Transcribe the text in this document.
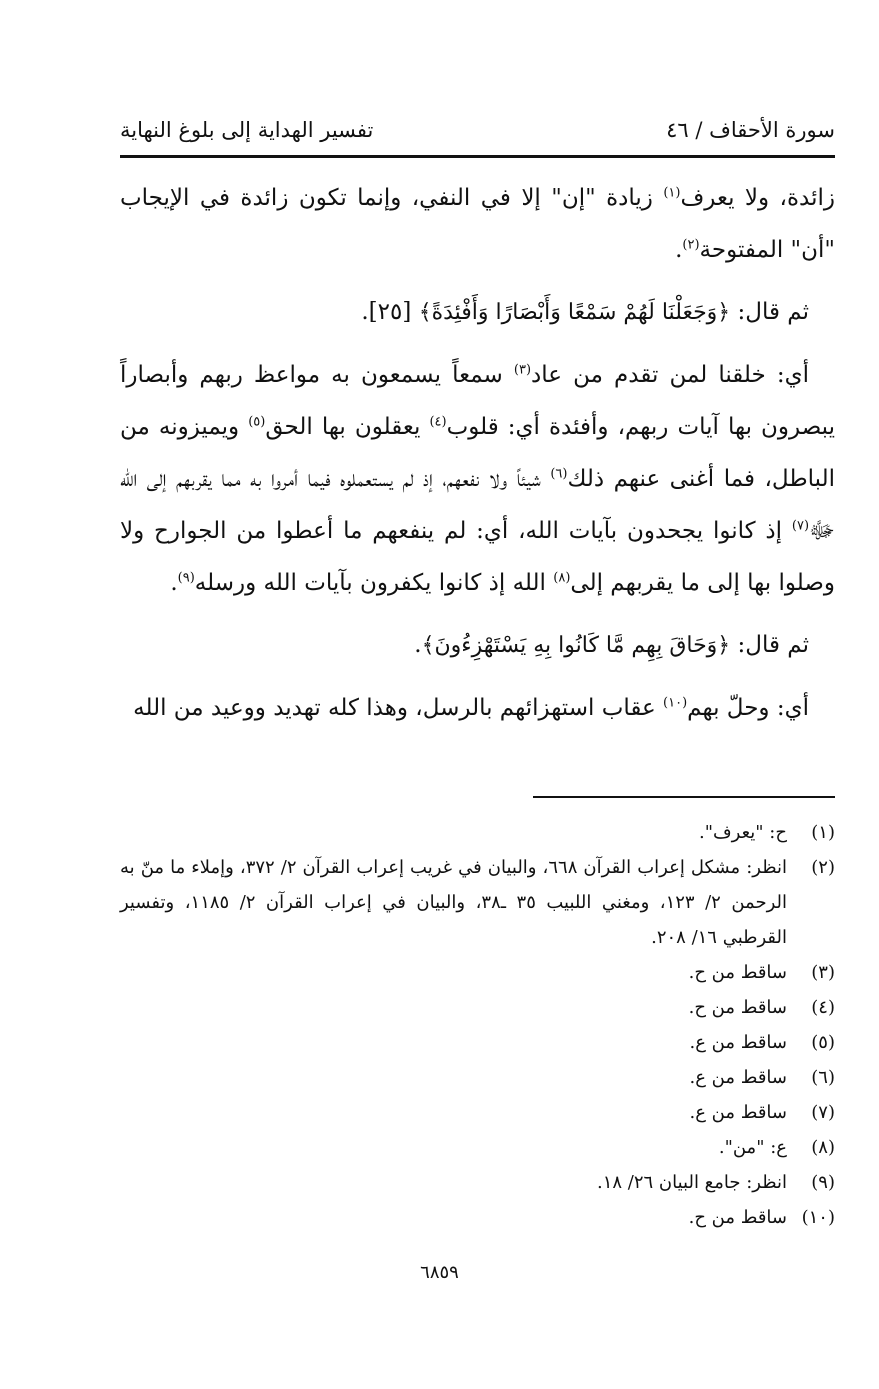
تفسير الهداية إلى بلوغ النهاية	سورة الأحقاف / ٤٦

زائدة، ولا يعرف$^{(١)}$ زيادة "إن" إلا في النفي، وإنما تكون زائدة في الإيجاب "أن" المفتوحة$^{(٢)}$.

ثم قال: ﴿وَجَعَلْنَا لَهُمْ سَمْعًا وَأَبْصَارًا وَأَفْئِدَةً﴾ [٢٥].

أي: خلقنا لمن تقدم من عاد$^{(٣)}$ سمعاً يسمعون به مواعظ ربهم وأبصاراً يبصرون بها آيات ربهم، وأفئدة أي: قلوب$^{(٤)}$ يعقلون بها الحق$^{(٥)}$ ويميزونه من الباطل، فما أغنى عنهم ذلك$^{(٦)}$ شيئاً ولا نفعهم، إذ لم يستعملوه فيما أمروا به مما يقربهم إلى الله ﷻ$^{(٧)}$ إذ كانوا يجحدون بآيات الله، أي: لم ينفعهم ما أعطوا من الجوارح ولا وصلوا بها إلى ما يقربهم إلى$^{(٨)}$ الله إذ كانوا يكفرون بآيات الله ورسله$^{(٩)}$.

ثم قال: ﴿وَحَاقَ بِهِم مَّا كَانُوا بِهِ يَسْتَهْزِءُونَ﴾.

أي: وحلّ بهم$^{(١٠)}$ عقاب استهزائهم بالرسل، وهذا كله تهديد ووعيد من الله

(١)
ح: "يعرف".
(٢)
انظر: مشكل إعراب القرآن ٦٦٨، والبيان في غريب إعراب القرآن ٢/ ٣٧٢، وإملاء ما منّ به الرحمن ٢/ ١٢٣، ومغني اللبيب ٣٥ ـ٣٨، والبيان في إعراب القرآن ٢/ ١١٨٥، وتفسير القرطبي ١٦/ ٢٠٨.
(٣)
ساقط من ح.
(٤)
ساقط من ح.
(٥)
ساقط من ع.
(٦)
ساقط من ع.
(٧)
ساقط من ع.
(٨)
ع: "من".
(٩)
انظر: جامع البيان ٢٦/ ١٨.
(١٠)
ساقط من ح.
٦٨٥٩
